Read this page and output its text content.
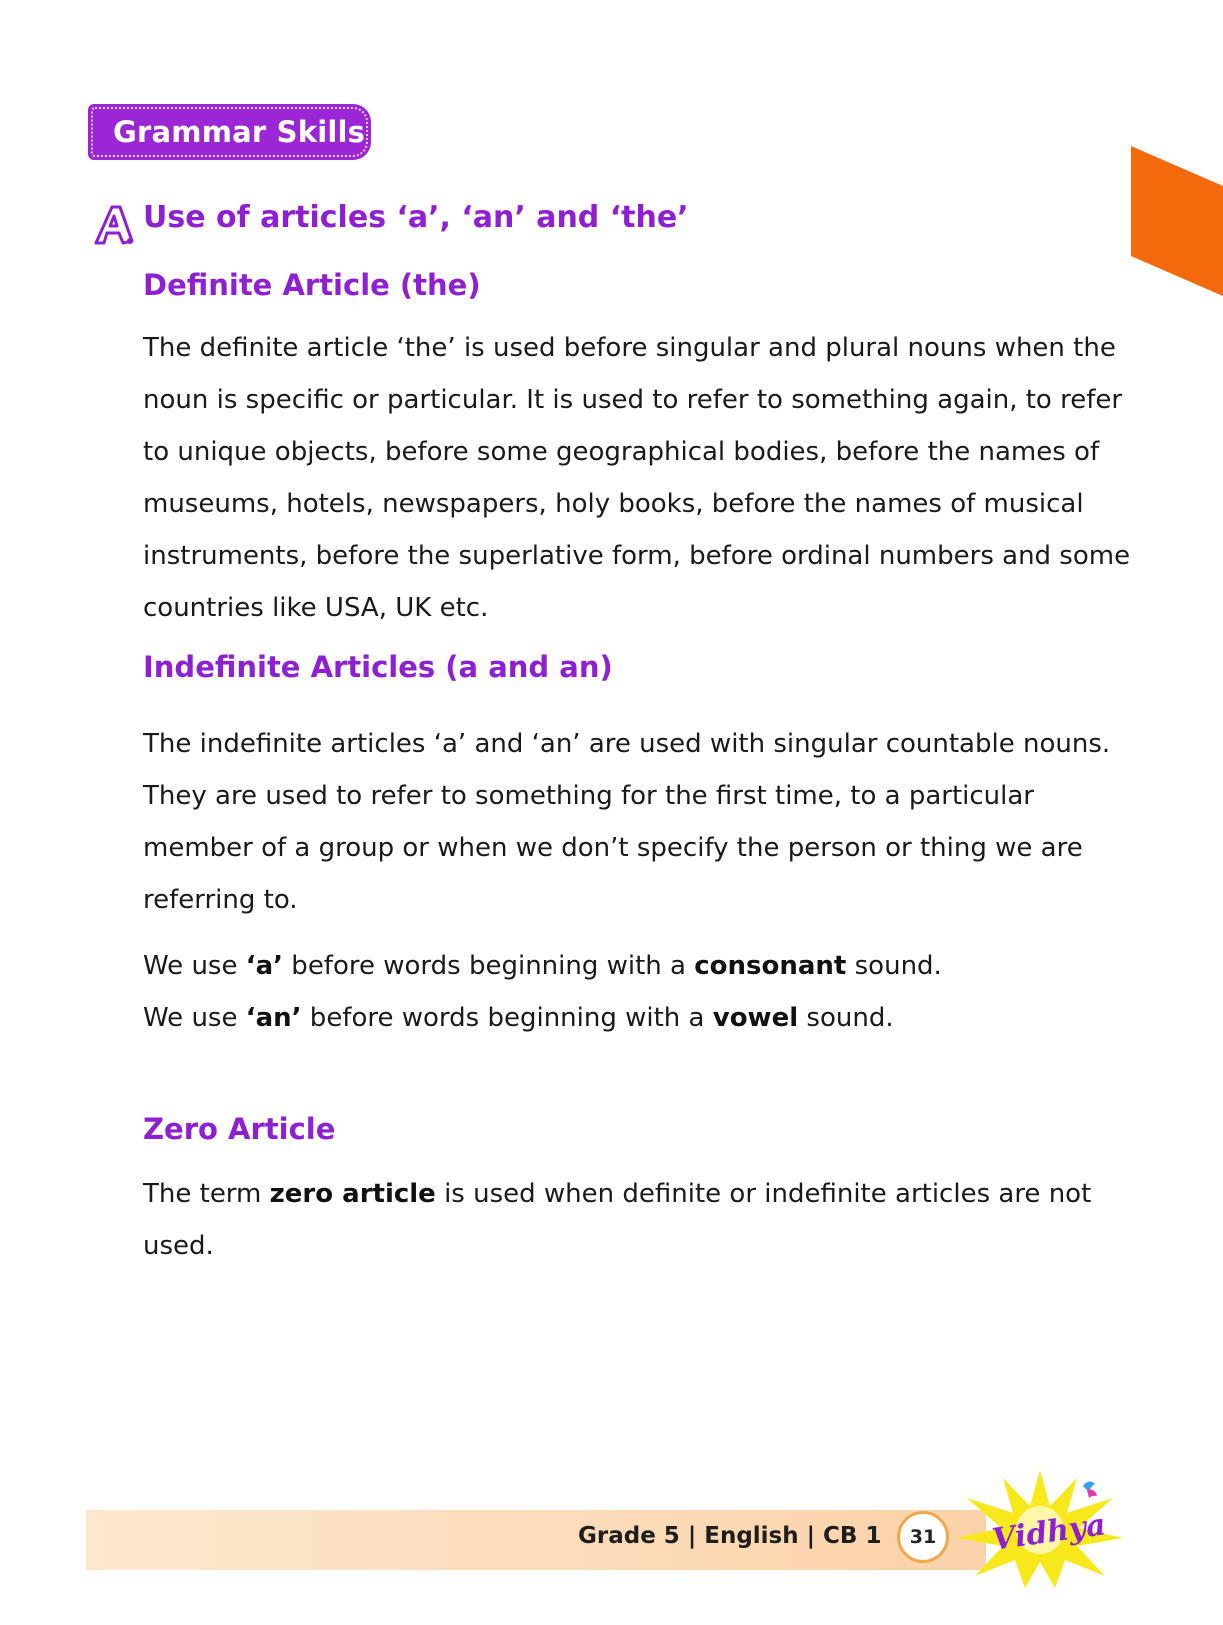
Grammar Skills
Use of articles ‘a’, ‘an’ and ‘the’
Definite Article (the)

The definite article ‘the’ is used before singular and plural nouns when the noun is specific or particular. It is used to refer to something again, to refer to unique objects, before some geographical bodies, before the names of museums, hotels, newspapers, holy books, before the names of musical instruments, before the superlative form, before ordinal numbers and some countries like USA, UK etc.

Indefinite Articles (a and an)

The indefinite articles ‘a’ and ‘an’ are used with singular countable nouns. They are used to refer to something for the first time, to a particular member of a group or when we don’t specify the person or thing we are referring to.

We use ‘a’ before words beginning with a consonant sound.

We use ‘an’ before words beginning with a vowel sound.

Zero Article

The term zero article is used when definite or indefinite articles are not used.

Grade 5 | English | CB 1	31	Vidhya
